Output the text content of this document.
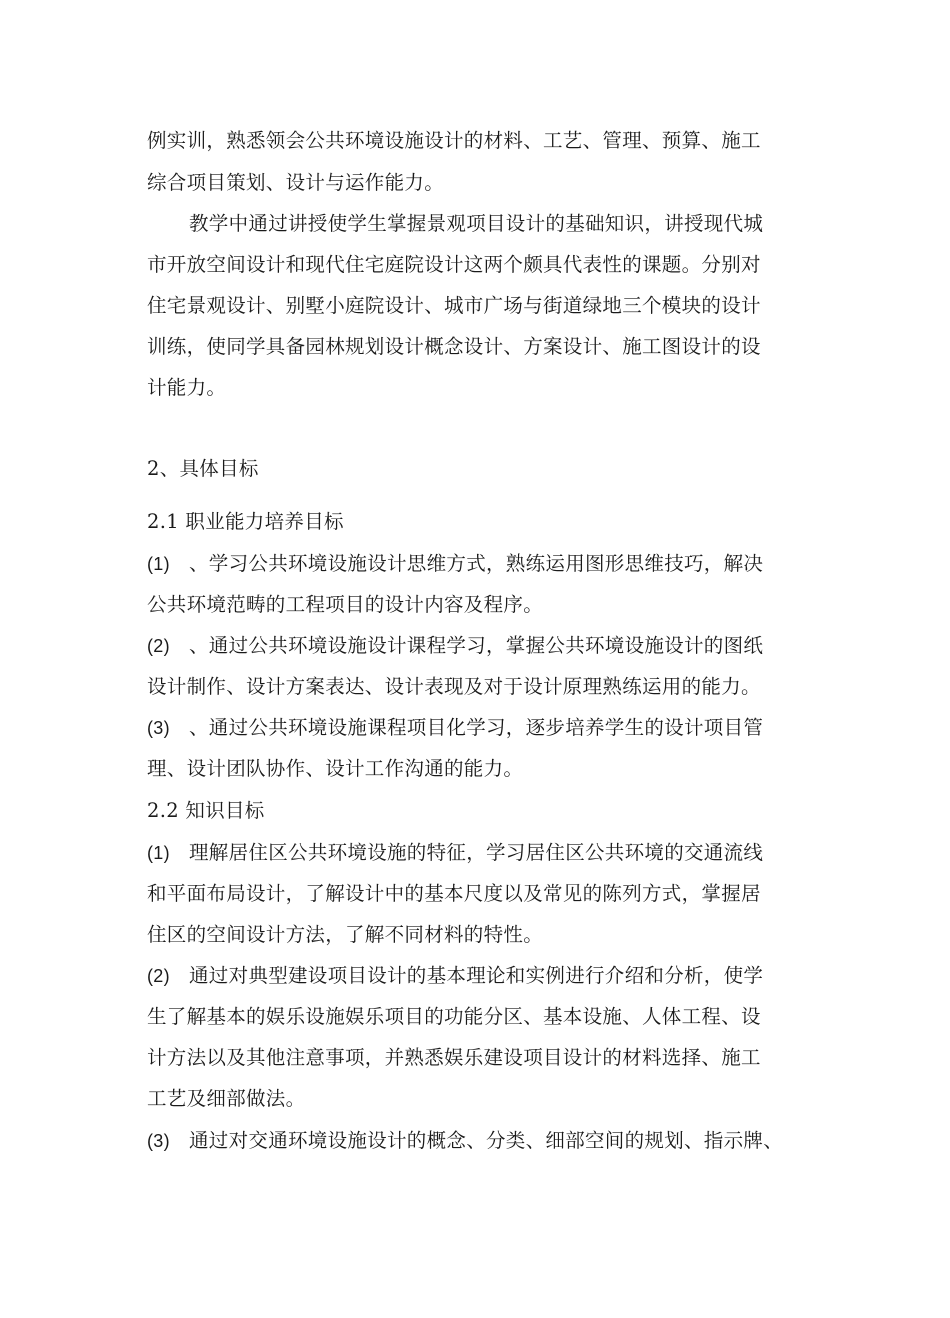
例实训，熟悉领会公共环境设施设计的材料、工艺、管理、预算、施工
综合项目策划、设计与运作能力。
教学中通过讲授使学生掌握景观项目设计的基础知识，讲授现代城
市开放空间设计和现代住宅庭院设计这两个颇具代表性的课题。分别对
住宅景观设计、别墅小庭院设计、城市广场与街道绿地三个模块的设计
训练，使同学具备园林规划设计概念设计、方案设计、施工图设计的设
计能力。
2、具体目标
2.1 职业能力培养目标
(1) 、学习公共环境设施设计思维方式，熟练运用图形思维技巧，解决
公共环境范畴的工程项目的设计内容及程序。
(2) 、通过公共环境设施设计课程学习，掌握公共环境设施设计的图纸
设计制作、设计方案表达、设计表现及对于设计原理熟练运用的能力。
(3) 、通过公共环境设施课程项目化学习，逐步培养学生的设计项目管
理、设计团队协作、设计工作沟通的能力。
2.2 知识目标
(1) 理解居住区公共环境设施的特征，学习居住区公共环境的交通流线
和平面布局设计，了解设计中的基本尺度以及常见的陈列方式，掌握居
住区的空间设计方法，了解不同材料的特性。
(2) 通过对典型建设项目设计的基本理论和实例进行介绍和分析，使学
生了解基本的娱乐设施娱乐项目的功能分区、基本设施、人体工程、设
计方法以及其他注意事项，并熟悉娱乐建设项目设计的材料选择、施工
工艺及细部做法。
(3) 通过对交通环境设施设计的概念、分类、细部空间的规划、指示牌、
